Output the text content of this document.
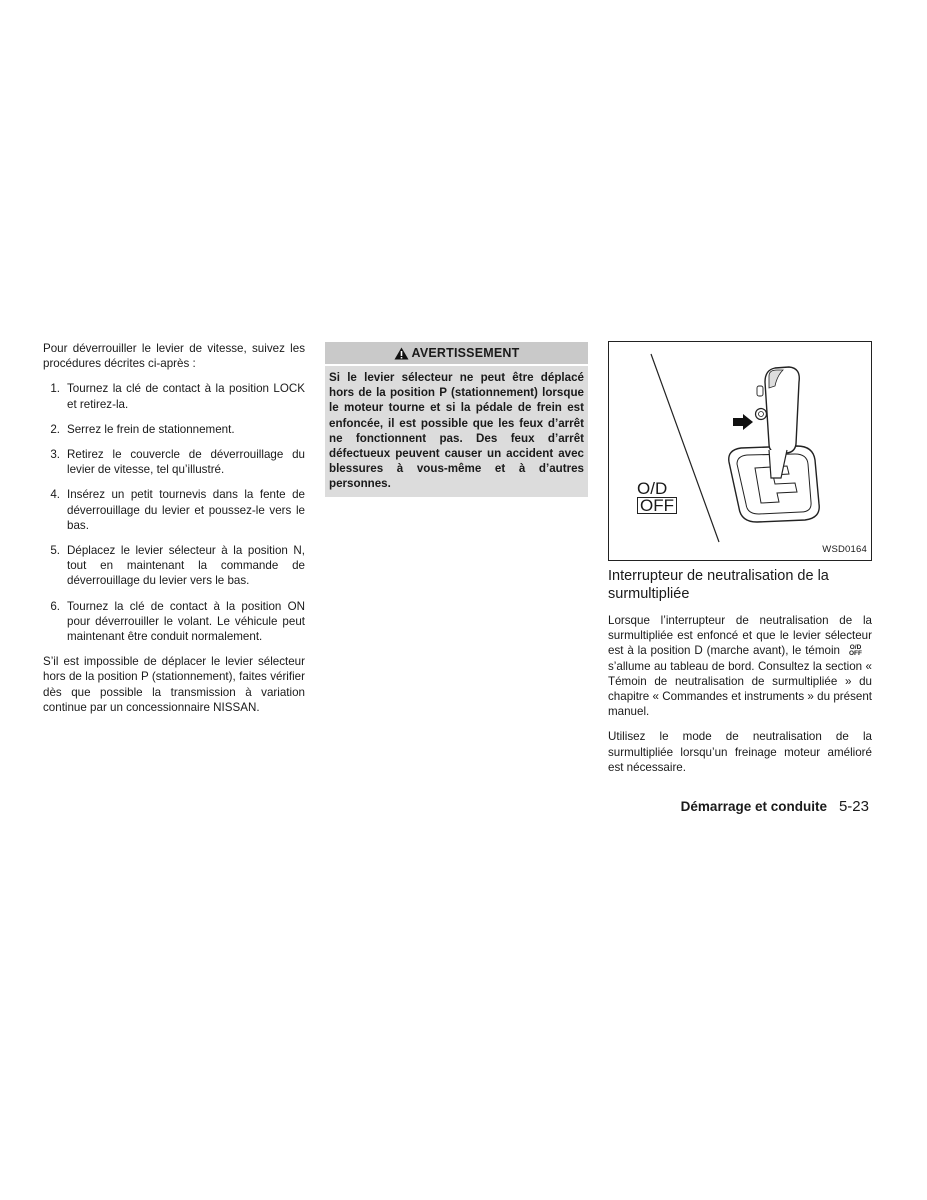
Pour déverrouiller le levier de vitesse, suivez les procédures décrites ci-après :

1. Tournez la clé de contact à la position LOCK et retirez-la.
2. Serrez le frein de stationnement.
3. Retirez le couvercle de déverrouillage du levier de vitesse, tel qu’illustré.
4. Insérez un petit tournevis dans la fente de déverrouillage du levier et poussez-le vers le bas.
5. Déplacez le levier sélecteur à la position N, tout en maintenant la commande de déverrouillage du levier vers le bas.
6. Tournez la clé de contact à la position ON pour déverrouiller le volant. Le véhicule peut maintenant être conduit normalement.

S’il est impossible de déplacer le levier sélecteur hors de la position P (stationnement), faites vérifier dès que possible la transmission à variation continue par un concessionnaire NISSAN.

AVERTISSEMENT
Si le levier sélecteur ne peut être déplacé hors de la position P (stationnement) lorsque le moteur tourne et si la pédale de frein est enfoncée, il est possible que les feux d’arrêt ne fonctionnent pas. Des feux d’arrêt défectueux peuvent causer un accident avec blessures à vous-même et à d’autres personnes.	O/D
OFF
WSD0164
Interrupteur de neutralisation de la surmultipliée

Lorsque l’interrupteur de neutralisation de la surmultipliée est enfoncé et que le levier sélecteur est à la position D (marche avant), le témoin O/D
OFFs’allume au tableau de bord. Consultez la section « Témoin de neutralisation de surmultipliée » du chapitre « Commandes et instruments » du présent manuel.

Utilisez le mode de neutralisation de la surmultipliée lorsqu’un freinage moteur amélioré est nécessaire.

Démarrage et conduite 5-23
